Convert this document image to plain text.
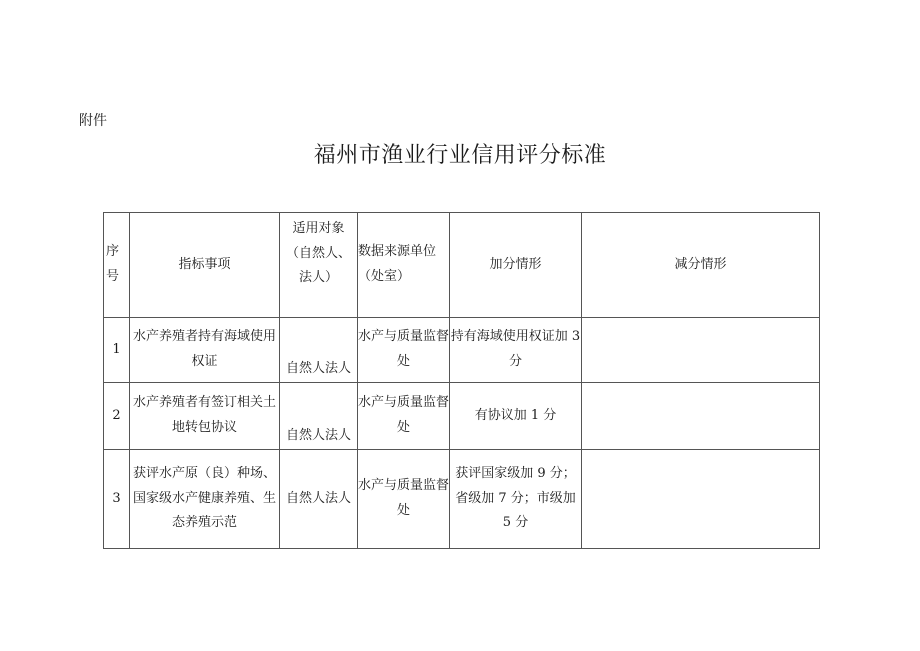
附件
福州市渔业行业信用评分标准
序号	指标事项	适用对象（自然人、法人）	数据来源单位（处室）	加分情形	减分情形
1	水产养殖者持有海域使用权证	自然人法人	水产与质量监督处	持有海域使用权证加 3 分	
2	水产养殖者有签订相关土地转包协议	自然人法人	水产与质量监督处	有协议加 1 分	
3	获评水产原（良）种场、国家级水产健康养殖、生态养殖示范	自然人法人	水产与质量监督处	获评国家级加 9 分；省级加 7 分；市级加 5 分	
